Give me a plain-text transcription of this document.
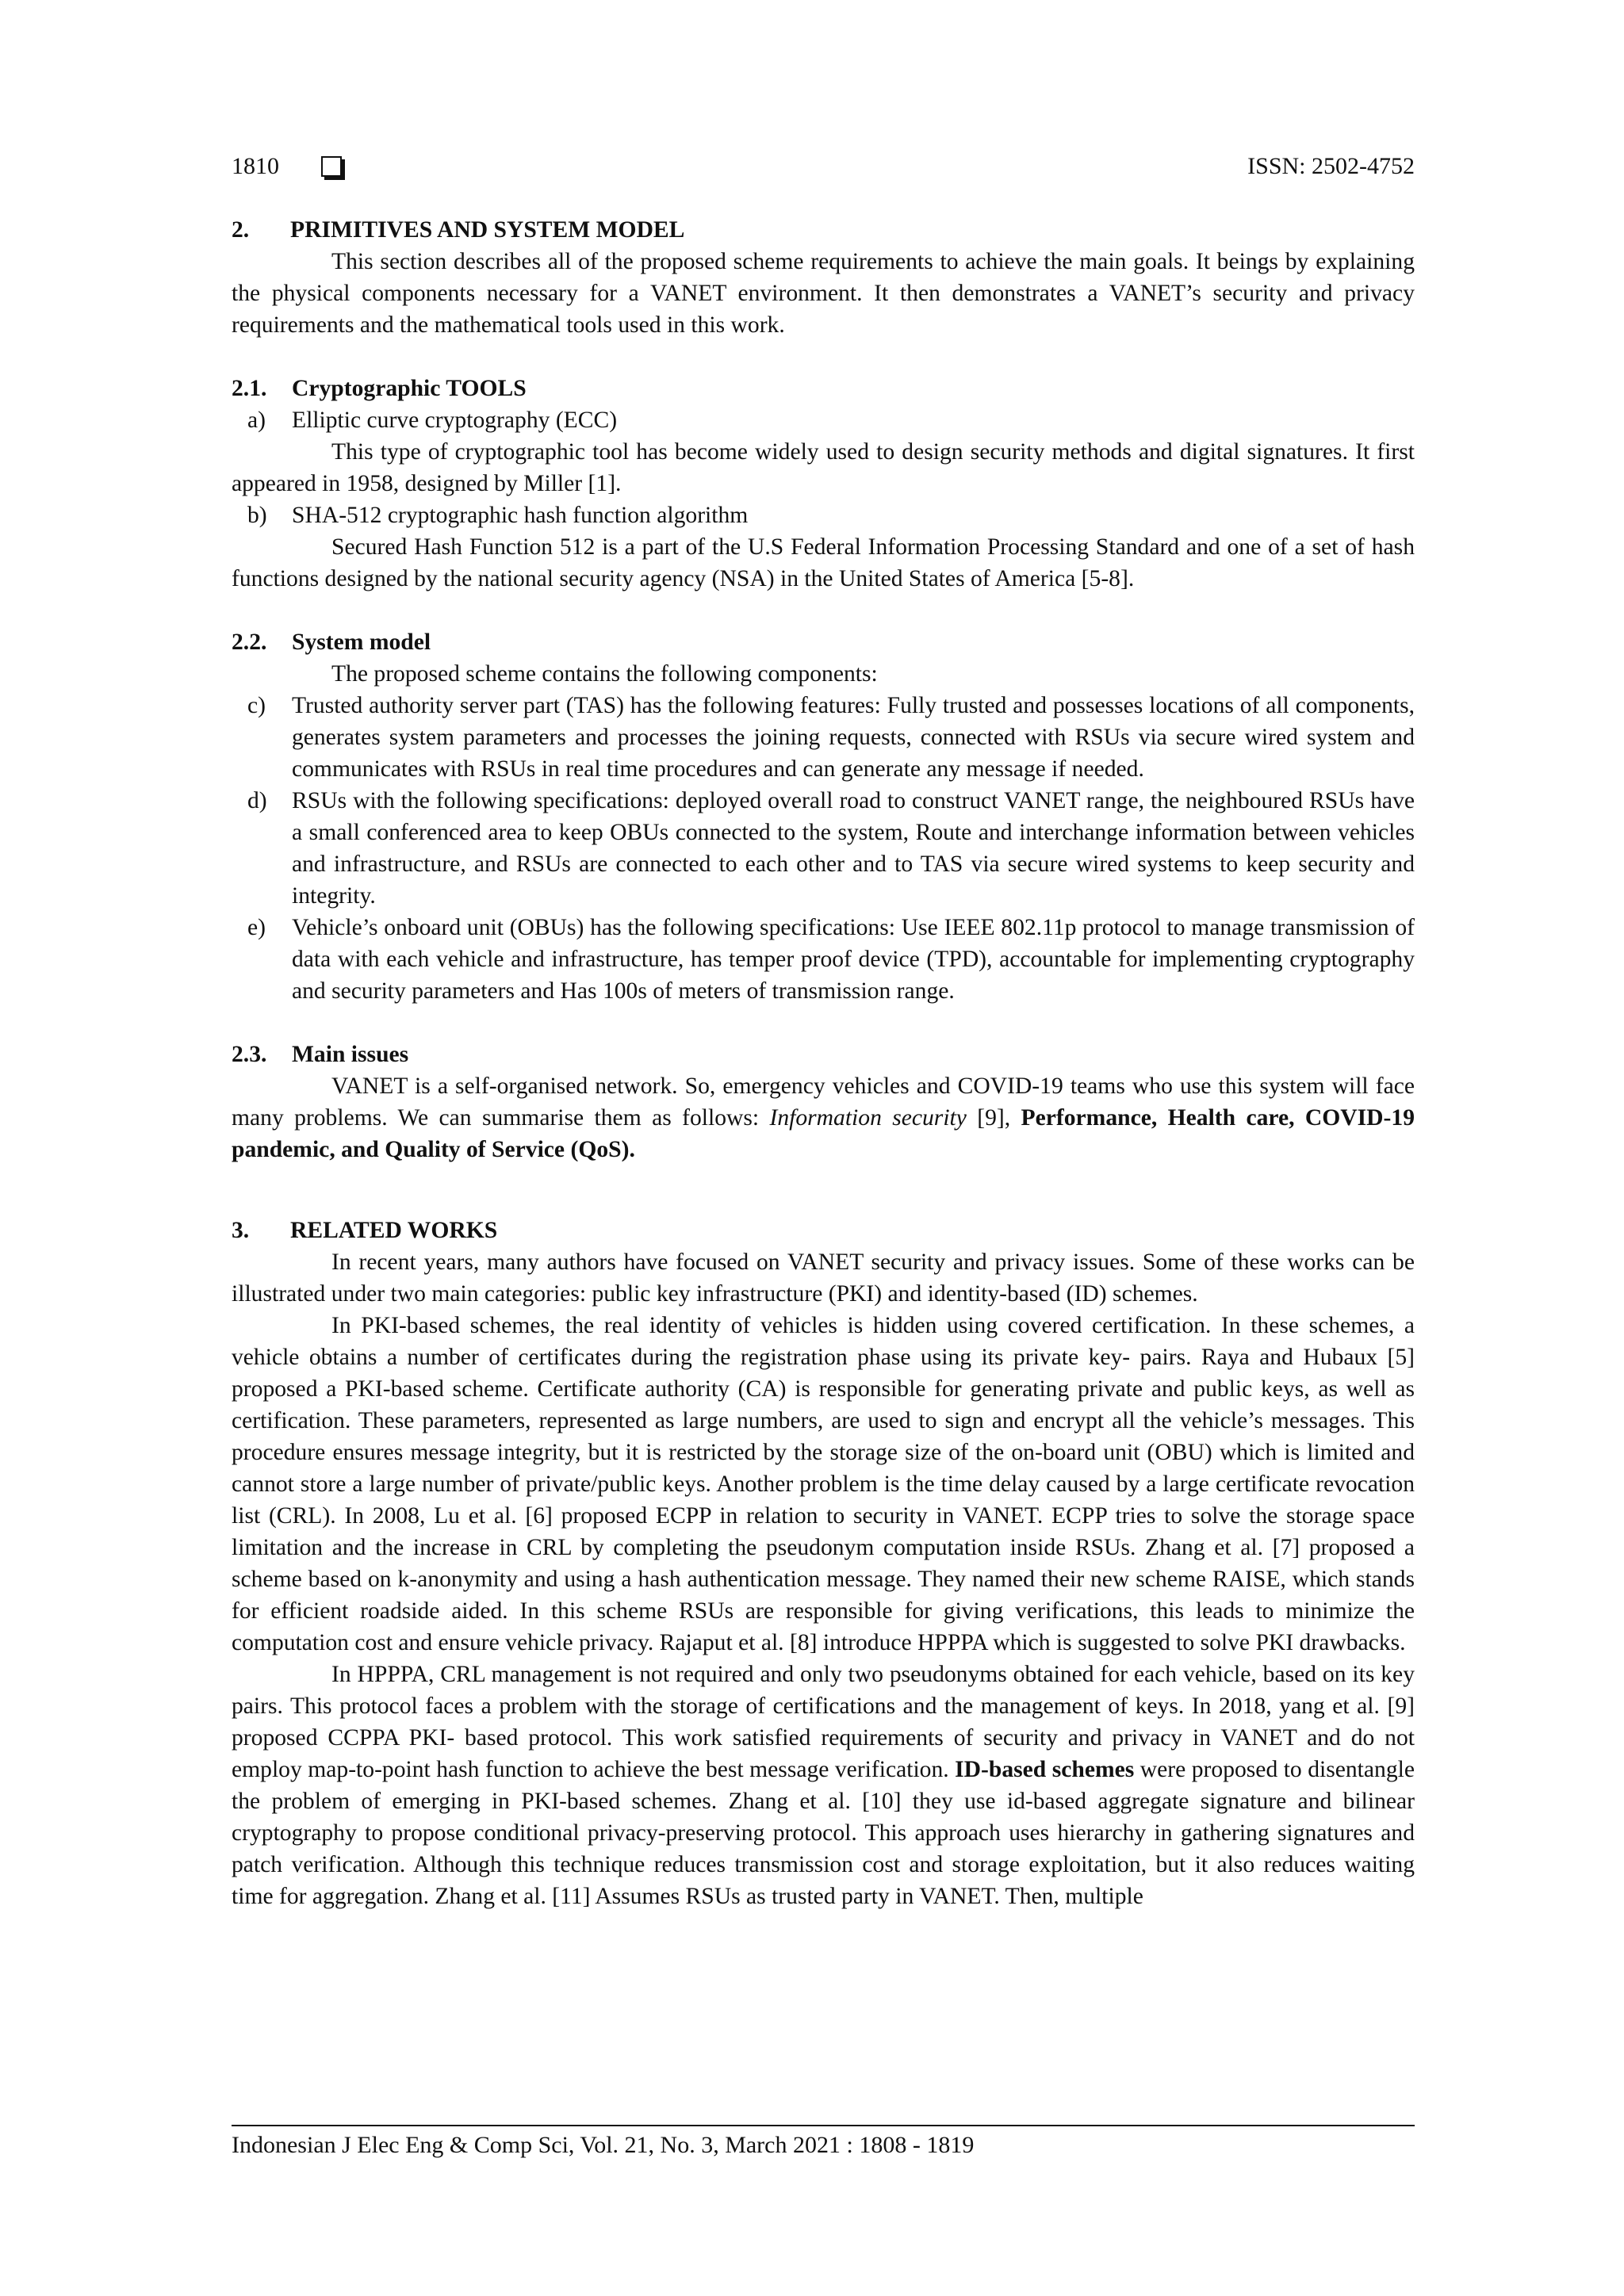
1810	ISSN: 2502-4752

2. PRIMITIVES AND SYSTEM MODEL

This section describes all of the proposed scheme requirements to achieve the main goals. It beings by explaining the physical components necessary for a VANET environment. It then demonstrates a VANET’s security and privacy requirements and the mathematical tools used in this work.

2.1. Cryptographic TOOLS

a) Elliptic curve cryptography (ECC)

This type of cryptographic tool has become widely used to design security methods and digital signatures. It first appeared in 1958, designed by Miller [1].

b) SHA-512 cryptographic hash function algorithm

Secured Hash Function 512 is a part of the U.S Federal Information Processing Standard and one of a set of hash functions designed by the national security agency (NSA) in the United States of America [5-8].

2.2. System model

The proposed scheme contains the following components:

c) Trusted authority server part (TAS) has the following features: Fully trusted and possesses locations of all components, generates system parameters and processes the joining requests, connected with RSUs via secure wired system and communicates with RSUs in real time procedures and can generate any message if needed.

d) RSUs with the following specifications: deployed overall road to construct VANET range, the neighboured RSUs have a small conferenced area to keep OBUs connected to the system, Route and interchange information between vehicles and infrastructure, and RSUs are connected to each other and to TAS via secure wired systems to keep security and integrity.

e) Vehicle’s onboard unit (OBUs) has the following specifications: Use IEEE 802.11p protocol to manage transmission of data with each vehicle and infrastructure, has temper proof device (TPD), accountable for implementing cryptography and security parameters and Has 100s of meters of transmission range.

2.3. Main issues

VANET is a self-organised network. So, emergency vehicles and COVID-19 teams who use this system will face many problems. We can summarise them as follows: Information security [9], Performance, Health care, COVID-19 pandemic, and Quality of Service (QoS).

3. RELATED WORKS

In recent years, many authors have focused on VANET security and privacy issues. Some of these works can be illustrated under two main categories: public key infrastructure (PKI) and identity-based (ID) schemes.

In PKI-based schemes, the real identity of vehicles is hidden using covered certification. In these schemes, a vehicle obtains a number of certificates during the registration phase using its private key- pairs. Raya and Hubaux [5] proposed a PKI-based scheme. Certificate authority (CA) is responsible for generating private and public keys, as well as certification. These parameters, represented as large numbers, are used to sign and encrypt all the vehicle’s messages. This procedure ensures message integrity, but it is restricted by the storage size of the on-board unit (OBU) which is limited and cannot store a large number of private/public keys. Another problem is the time delay caused by a large certificate revocation list (CRL). In 2008, Lu et al. [6] proposed ECPP in relation to security in VANET. ECPP tries to solve the storage space limitation and the increase in CRL by completing the pseudonym computation inside RSUs. Zhang et al. [7] proposed a scheme based on k-anonymity and using a hash authentication message. They named their new scheme RAISE, which stands for efficient roadside aided. In this scheme RSUs are responsible for giving verifications, this leads to minimize the computation cost and ensure vehicle privacy. Rajaput et al. [8] introduce HPPPA which is suggested to solve PKI drawbacks.

In HPPPA, CRL management is not required and only two pseudonyms obtained for each vehicle, based on its key pairs. This protocol faces a problem with the storage of certifications and the management of keys. In 2018, yang et al. [9] proposed CCPPA PKI- based protocol. This work satisfied requirements of security and privacy in VANET and do not employ map-to-point hash function to achieve the best message verification. ID-based schemes were proposed to disentangle the problem of emerging in PKI-based schemes. Zhang et al. [10] they use id-based aggregate signature and bilinear cryptography to propose conditional privacy-preserving protocol. This approach uses hierarchy in gathering signatures and patch verification. Although this technique reduces transmission cost and storage exploitation, but it also reduces waiting time for aggregation. Zhang et al. [11] Assumes RSUs as trusted party in VANET. Then, multiple

Indonesian J Elec Eng & Comp Sci, Vol. 21, No. 3, March 2021 : 1808 - 1819
